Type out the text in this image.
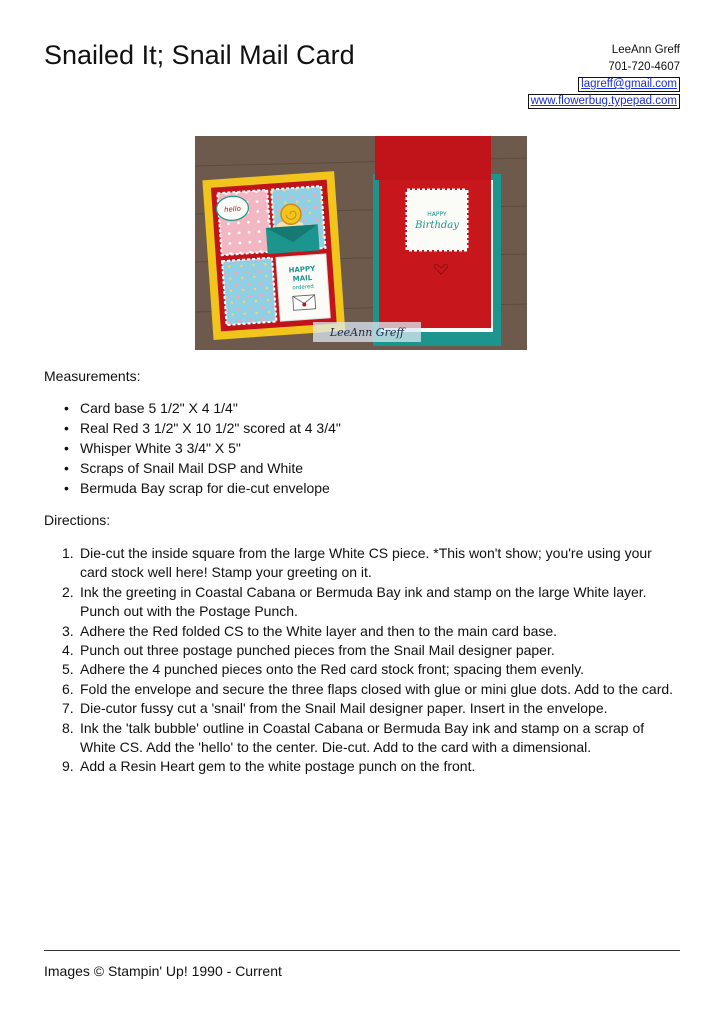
Snailed It; Snail Mail Card	LeeAnn Greff
701-720-4607
lagreff@gmail.com
www.flowerbug.typepad.com
HAPPY
MAIL
ordered
hello
HAPPY
Birthday
LeeAnn Greff

Measurements:

• Card base 5 1/2" X 4 1/4"
• Real Red 3 1/2" X 10 1/2" scored at 4 3/4"
• Whisper White 3 3/4" X 5"
• Scraps of Snail Mail DSP and White
• Bermuda Bay scrap for die-cut envelope

Directions:

1. Die-cut the inside square from the large White CS piece. *This won't show; you're using your card stock well here! Stamp your greeting on it.
2. Ink the greeting in Coastal Cabana or Bermuda Bay ink and stamp on the large White layer. Punch out with the Postage Punch.
3. Adhere the Red folded CS to the White layer and then to the main card base.
4. Punch out three postage punched pieces from the Snail Mail designer paper.
5. Adhere the 4 punched pieces onto the Red card stock front; spacing them evenly.
6. Fold the envelope and secure the three flaps closed with glue or mini glue dots. Add to the card.
7. Die-cutor fussy cut a 'snail' from the Snail Mail designer paper. Insert in the envelope.
8. Ink the 'talk bubble' outline in Coastal Cabana or Bermuda Bay ink and stamp on a scrap of White CS. Add the 'hello' to the center. Die-cut. Add to the card with a dimensional.
9. Add a Resin Heart gem to the white postage punch on the front.

Images © Stampin' Up! 1990 - Current
